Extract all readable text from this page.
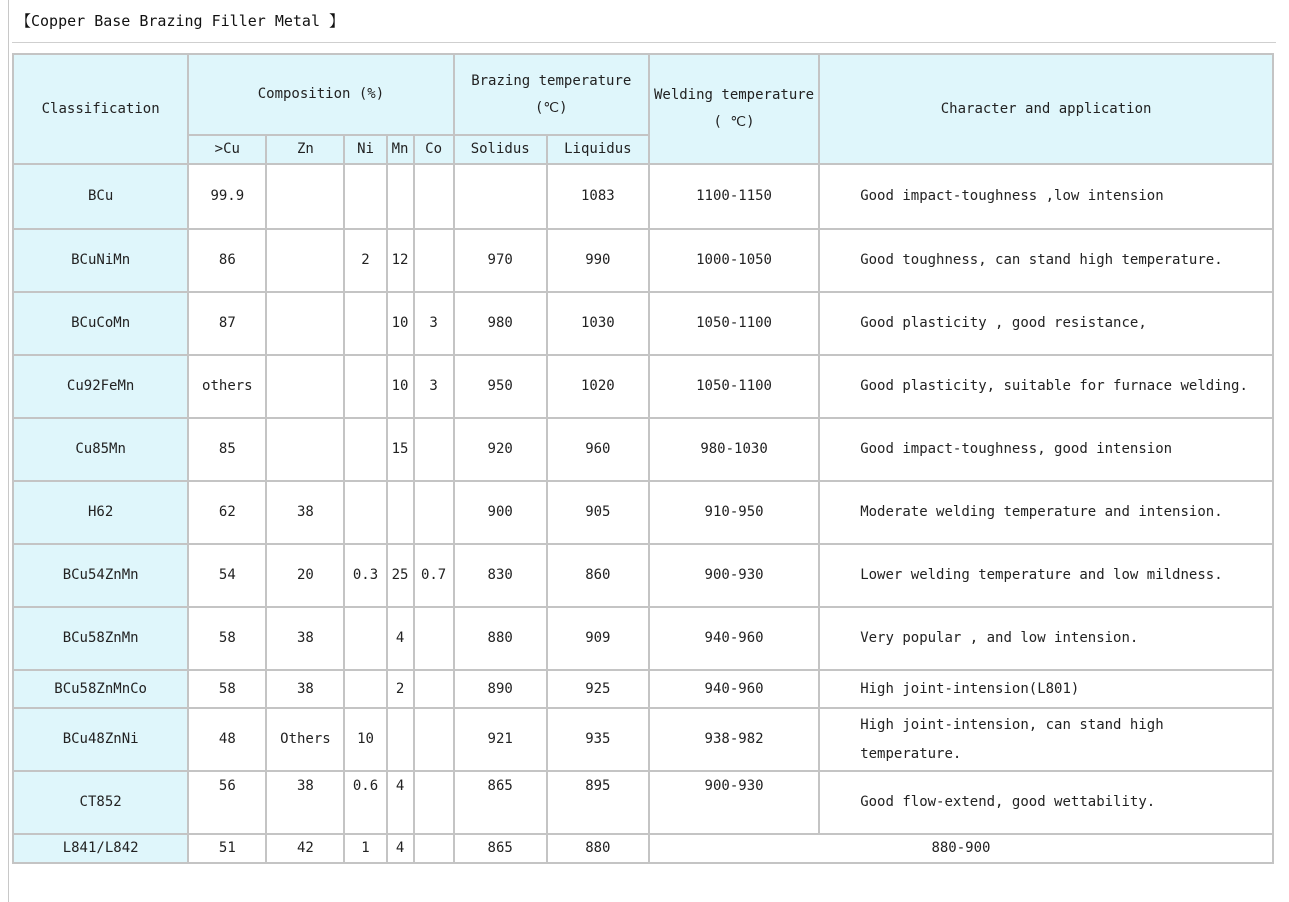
【Copper Base Brazing Filler Metal 】
Classification	Composition (%)					Brazing temperature (℃)		Welding temperature ( ℃)	Character and application
	>Cu	Zn	Ni	Mn	Co	Solidus	Liquidus		
BCu	99.9						1083	1100-1150	Good impact-toughness ,low intension
BCuNiMn	86		2	12		970	990	1000-1050	Good toughness, can stand high temperature.
BCuCoMn	87			10	3	980	1030	1050-1100	Good plasticity , good resistance,
Cu92FeMn	others			10	3	950	1020	1050-1100	Good plasticity, suitable for furnace welding.
Cu85Mn	85			15		920	960	980-1030	Good impact-toughness, good intension
H62	62	38				900	905	910-950	Moderate welding temperature and intension.
BCu54ZnMn	54	20	0.3	25	0.7	830	860	900-930	Lower welding temperature and low mildness.
BCu58ZnMn	58	38		4		880	909	940-960	Very popular , and low intension.
BCu58ZnMnCo	58	38		2		890	925	940-960	High joint-intension(L801)
BCu48ZnNi	48	Others	10			921	935	938-982	High joint-intension, can stand high temperature.
CT852	56	38	0.6	4		865	895	900-930	Good flow-extend, good wettability.
L841/L842	51	42	1	4		865	880	880-900	
